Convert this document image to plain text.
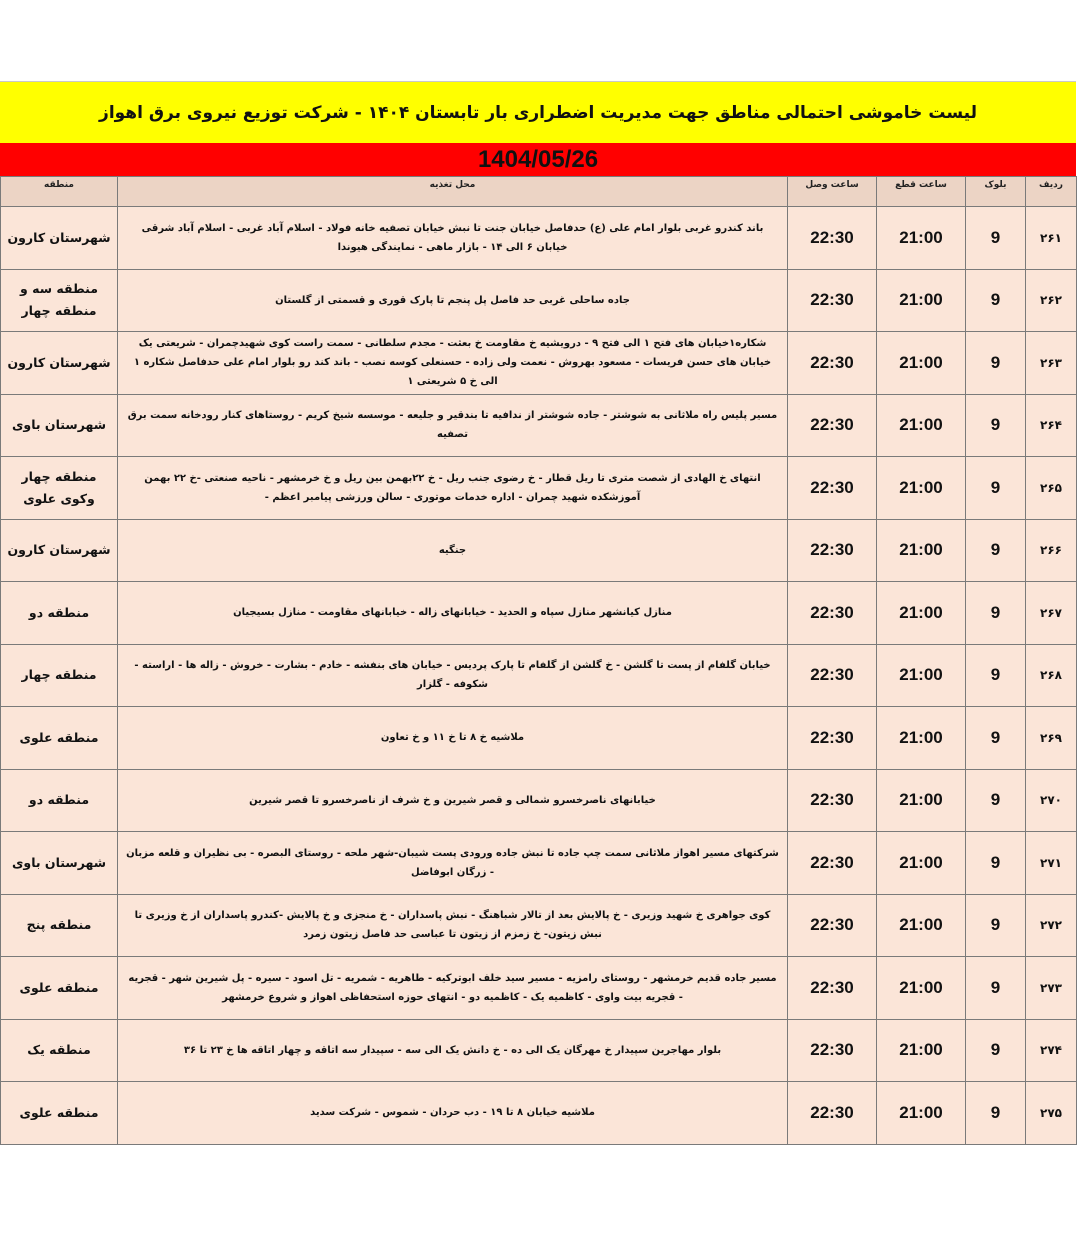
لیست خاموشی احتمالی مناطق جهت مدیریت اضطراری بار تابستان ۱۴۰۴ - شرکت توزیع نیروی برق اهواز
1404/05/26
ردیف	بلوک	ساعت قطع	ساعت وصل	محل تغذیه	منطقه
۲۶۱	9	21:00	22:30	باند کندرو غربی بلوار امام علی (ع) حدفاصل خیابان جنت تا نبش خیابان تصفیه خانه فولاد - اسلام آباد غربی - اسلام آباد شرقی خیابان ۶ الی ۱۴ - بازار ماهی - نمایندگی هیوندا	شهرستان کارون
۲۶۲	9	21:00	22:30	جاده ساحلی غربی حد فاصل پل پنجم تا پارک قوری و قسمتی از گلستان	منطقه سه و منطقه چهار
۲۶۳	9	21:00	22:30	شکاره۱خیابان های فتح ۱ الی فتح ۹ - درویشیه خ مقاومت خ بعثت - مجدم سلطانی - سمت راست کوی شهیدچمران - شریعتی یک خیابان های حسن فریسات - مسعود بهروش - نعمت ولی زاده - حسنعلی کوسه نصب - باند کند رو بلوار امام علی حدفاصل شکاره ۱ الی خ ۵ شریعتی ۱	شهرستان کارون
۲۶۴	9	21:00	22:30	مسیر پلیس راه ملاثانی به شوشتر - جاده شوشتر از ندافیه تا بندقیر و جلیعه - موسسه شیخ کریم - روستاهای کنار رودخانه سمت برق تصفیه	شهرستان باوی
۲۶۵	9	21:00	22:30	انتهای خ الهادی از شصت متری تا ریل قطار - خ رضوی جنب ریل - خ ۲۲بهمن بین ریل و خ خرمشهر - ناحیه صنعتی -خ ۲۲ بهمن آموزشکده شهید چمران - اداره خدمات موتوری - سالن ورزشی پیامبر اعظم -	منطقه چهار وکوی علوی
۲۶۶	9	21:00	22:30	جنگیه	شهرستان کارون
۲۶۷	9	21:00	22:30	منازل کیانشهر منازل سپاه و الحدید - خیابانهای زاله - خیابانهای مقاومت - منازل بسیجیان	منطقه دو
۲۶۸	9	21:00	22:30	خیابان گلفام از پست تا گلشن - خ گلشن از گلفام تا پارک پردیس - خیابان های بنفشه - خادم - بشارت - خروش - زاله ها - اراسته - شکوفه - گلزار	منطقه چهار
۲۶۹	9	21:00	22:30	ملاشیه خ ۸ تا خ ۱۱ و خ تعاون	منطقه علوی
۲۷۰	9	21:00	22:30	خیابانهای ناصرخسرو شمالی و قصر شیرین و خ شرف از ناصرخسرو تا قصر شیرین	منطقه دو
۲۷۱	9	21:00	22:30	شرکتهای مسیر اهواز ملاثانی سمت چپ جاده تا نبش جاده ورودی پست شیبان-شهر ملحه - روستای البصره - بی نظیران و قلعه مزبان - زرگان ابوفاضل	شهرستان باوی
۲۷۲	9	21:00	22:30	کوی جواهری خ شهید وزیری - خ پالایش بعد از تالار شباهنگ - نبش پاسداران - خ منجزی و خ پالایش -کندرو پاسداران از خ وزیری تا نبش زیتون- خ زمزم از زیتون تا عباسی حد فاصل زیتون زمرد	منطقه پنج
۲۷۳	9	21:00	22:30	مسیر جاده قدیم خرمشهر - روستای رامزیه - مسیر سید خلف ابوترکیه - طاهریه - شمریه - تل اسود - سیره - پل شیرین شهر - قجریه - قجریه بیت واوی - کاظمیه یک - کاظمیه دو - انتهای حوزه استحفاظی اهواز و شروع خرمشهر	منطقه علوی
۲۷۴	9	21:00	22:30	بلوار مهاجرین سپیدار خ مهرگان یک الی ده - خ دانش یک الی سه - سپیدار سه اتاقه و چهار اتاقه ها خ ۲۳ تا ۳۶	منطقه یک
۲۷۵	9	21:00	22:30	ملاشیه خیابان ۸ تا ۱۹ - دب حردان - شموس - شرکت سدید	منطقه علوی
